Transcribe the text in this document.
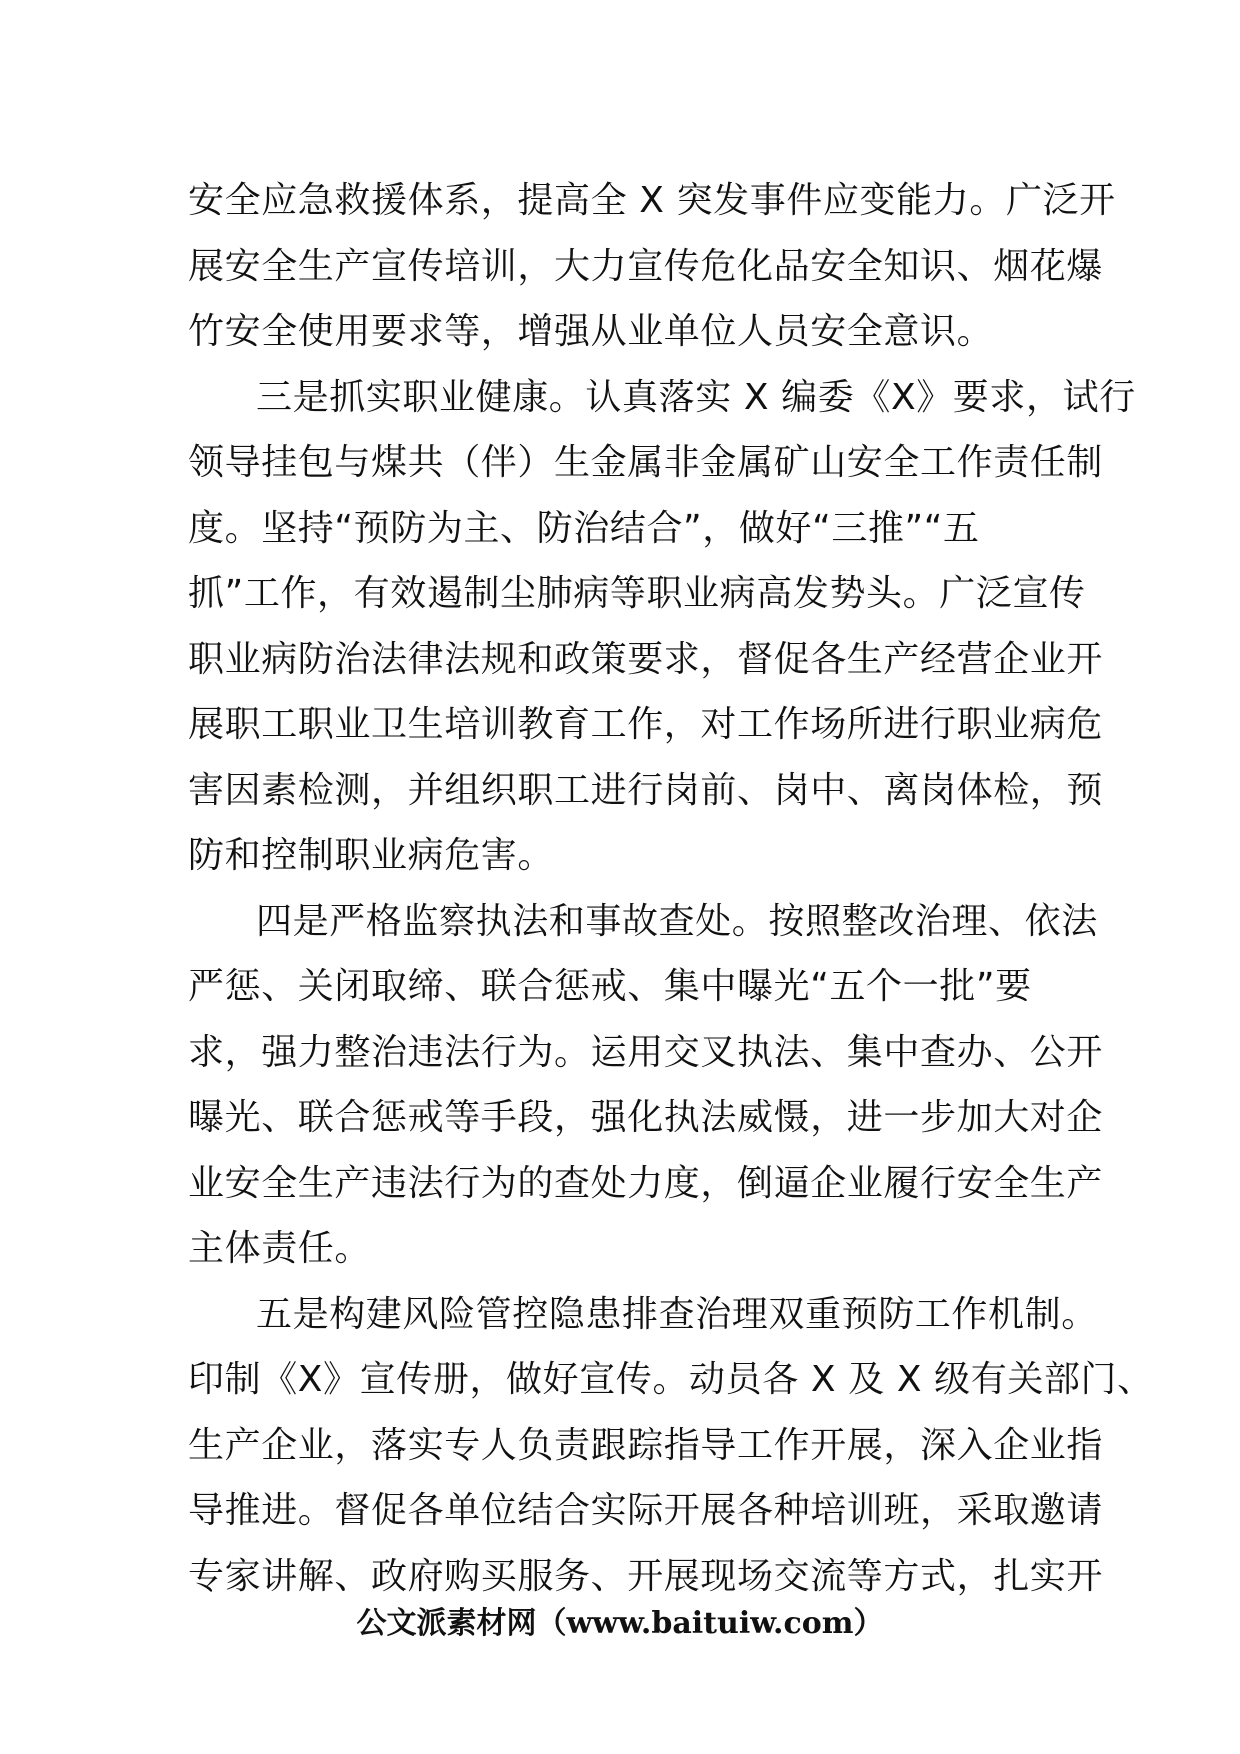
安全应急救援体系，提高全 X 突发事件应变能力。广泛开
展安全生产宣传培训，大力宣传危化品安全知识、烟花爆
竹安全使用要求等，增强从业单位人员安全意识。
三是抓实职业健康。认真落实 X 编委《X》要求，试行
领导挂包与煤共（伴）生金属非金属矿山安全工作责任制
度。坚持“预防为主、防治结合”，做好“三推”“五
抓”工作，有效遏制尘肺病等职业病高发势头。广泛宣传
职业病防治法律法规和政策要求，督促各生产经营企业开
展职工职业卫生培训教育工作，对工作场所进行职业病危
害因素检测，并组织职工进行岗前、岗中、离岗体检，预
防和控制职业病危害。
四是严格监察执法和事故查处。按照整改治理、依法
严惩、关闭取缔、联合惩戒、集中曝光“五个一批”要
求，强力整治违法行为。运用交叉执法、集中查办、公开
曝光、联合惩戒等手段，强化执法威慑，进一步加大对企
业安全生产违法行为的查处力度，倒逼企业履行安全生产
主体责任。
五是构建风险管控隐患排查治理双重预防工作机制。
印制《X》宣传册，做好宣传。动员各 X 及 X 级有关部门、
生产企业，落实专人负责跟踪指导工作开展，深入企业指
导推进。督促各单位结合实际开展各种培训班，采取邀请
专家讲解、政府购买服务、开展现场交流等方式，扎实开
公文派素材网（www.baituiw.com）
